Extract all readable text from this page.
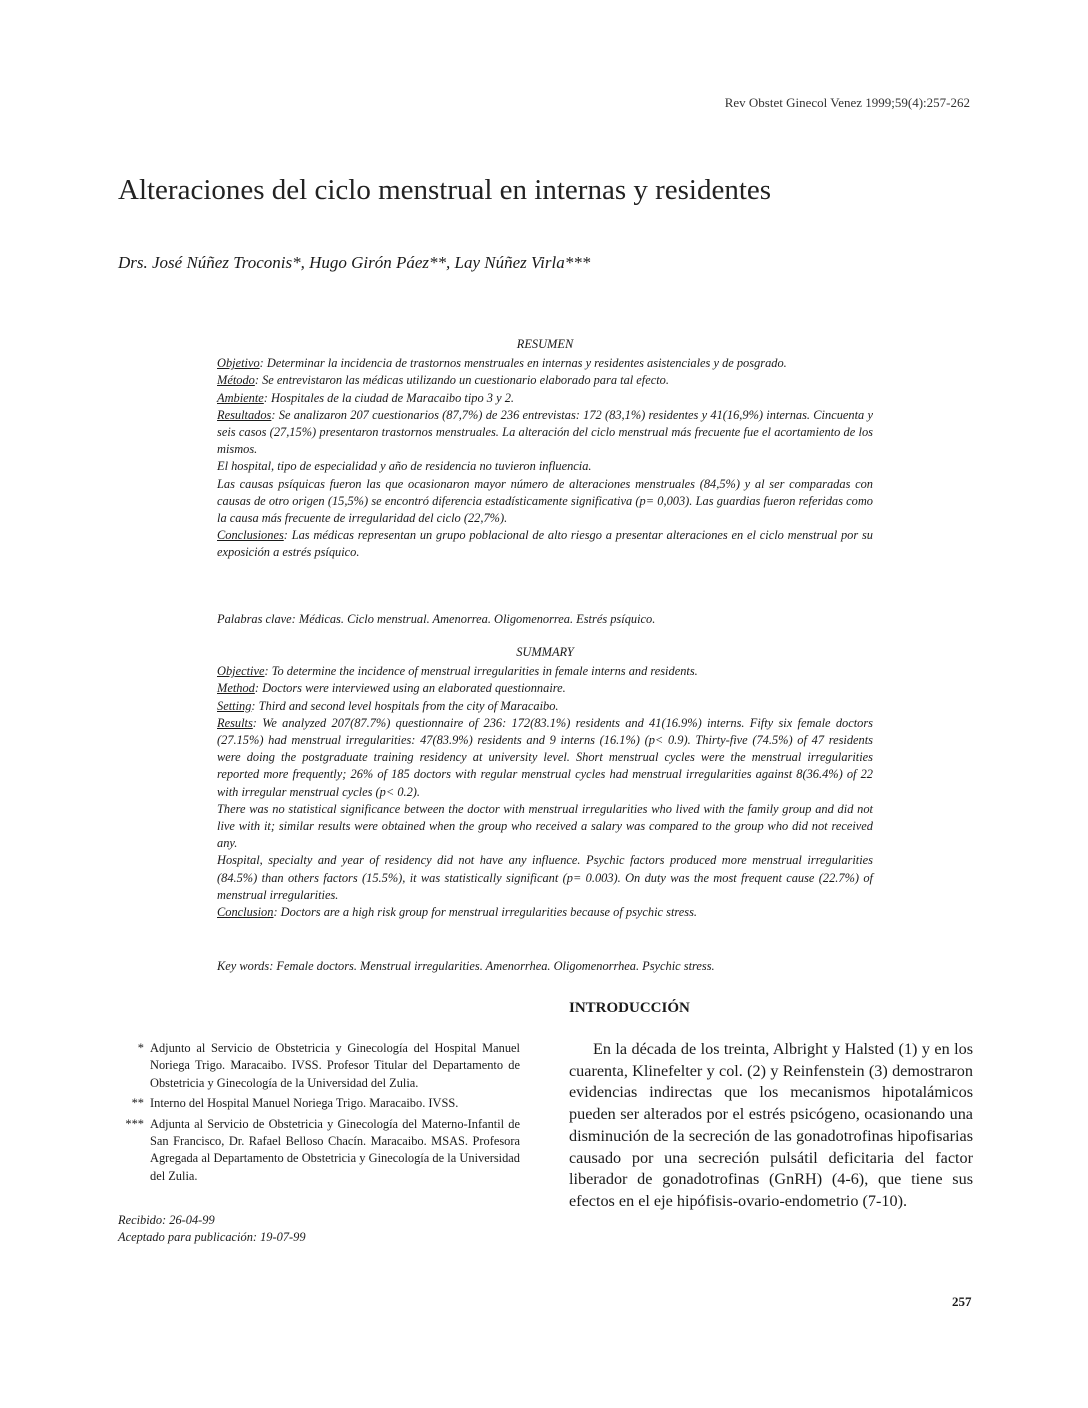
Rev Obstet Ginecol Venez 1999;59(4):257-262
Alteraciones del ciclo menstrual en internas y residentes
Drs. José Núñez Troconis*, Hugo Girón Páez**, Lay Núñez Virla***
RESUMEN

Objetivo: Determinar la incidencia de trastornos menstruales en internas y residentes asistenciales y de posgrado.

Método: Se entrevistaron las médicas utilizando un cuestionario elaborado para tal efecto.

Ambiente: Hospitales de la ciudad de Maracaibo tipo 3 y 2.

Resultados: Se analizaron 207 cuestionarios (87,7%) de 236 entrevistas: 172 (83,1%) residentes y 41(16,9%) internas. Cincuenta y seis casos (27,15%) presentaron trastornos menstruales. La alteración del ciclo menstrual más frecuente fue el acortamiento de los mismos.

El hospital, tipo de especialidad y año de residencia no tuvieron influencia.

Las causas psíquicas fueron las que ocasionaron mayor número de alteraciones menstruales (84,5%) y al ser comparadas con causas de otro origen (15,5%) se encontró diferencia estadísticamente significativa (p= 0,003). Las guardias fueron referidas como la causa más frecuente de irregularidad del ciclo (22,7%).

Conclusiones: Las médicas representan un grupo poblacional de alto riesgo a presentar alteraciones en el ciclo menstrual por su exposición a estrés psíquico.

Palabras clave: Médicas. Ciclo menstrual. Amenorrea. Oligomenorrea. Estrés psíquico.
SUMMARY

Objective: To determine the incidence of menstrual irregularities in female interns and residents.

Method: Doctors were interviewed using an elaborated questionnaire.

Setting: Third and second level hospitals from the city of Maracaibo.

Results: We analyzed 207(87.7%) questionnaire of 236: 172(83.1%) residents and 41(16.9%) interns. Fifty six female doctors (27.15%) had menstrual irregularities: 47(83.9%) residents and 9 interns (16.1%) (p< 0.9). Thirty-five (74.5%) of 47 residents were doing the postgraduate training residency at university level. Short menstrual cycles were the menstrual irregularities reported more frequently; 26% of 185 doctors with regular menstrual cycles had menstrual irregularities against 8(36.4%) of 22 with irregular menstrual cycles (p< 0.2).

There was no statistical significance between the doctor with menstrual irregularities who lived with the family group and did not live with it; similar results were obtained when the group who received a salary was compared to the group who did not received any.

Hospital, specialty and year of residency did not have any influence. Psychic factors produced more menstrual irregularities (84.5%) than others factors (15.5%), it was statistically significant (p= 0.003). On duty was the most frequent cause (22.7%) of menstrual irregularities.

Conclusion: Doctors are a high risk group for menstrual irregularities because of psychic stress.

Key words: Female doctors. Menstrual irregularities. Amenorrhea. Oligomenorrhea. Psychic stress.
INTRODUCCIÓN

En la década de los treinta, Albright y Halsted (1) y en los cuarenta, Klinefelter y col. (2) y Reinfenstein (3) demostraron evidencias indirectas que los mecanismos hipotalámicos pueden ser alterados por el estrés psicógeno, ocasionando una disminución de la secreción de las gonadotrofinas hipofisarias causado por una secreción pulsátil deficitaria del factor liberador de gonadotrofinas (GnRH) (4-6), que tiene sus efectos en el eje hipófisis-ovario-endometrio (7-10).

* Adjunto al Servicio de Obstetricia y Ginecología del Hospital Manuel Noriega Trigo. Maracaibo. IVSS. Profesor Titular del Departamento de Obstetricia y Ginecología de la Universidad del Zulia.

** Interno del Hospital Manuel Noriega Trigo. Maracaibo. IVSS.

*** Adjunta al Servicio de Obstetricia y Ginecología del Materno-Infantil de San Francisco, Dr. Rafael Belloso Chacín. Maracaibo. MSAS. Profesora Agregada al Departamento de Obstetricia y Ginecología de la Universidad del Zulia.

Recibido: 26-04-99
Aceptado para publicación: 19-07-99
257
